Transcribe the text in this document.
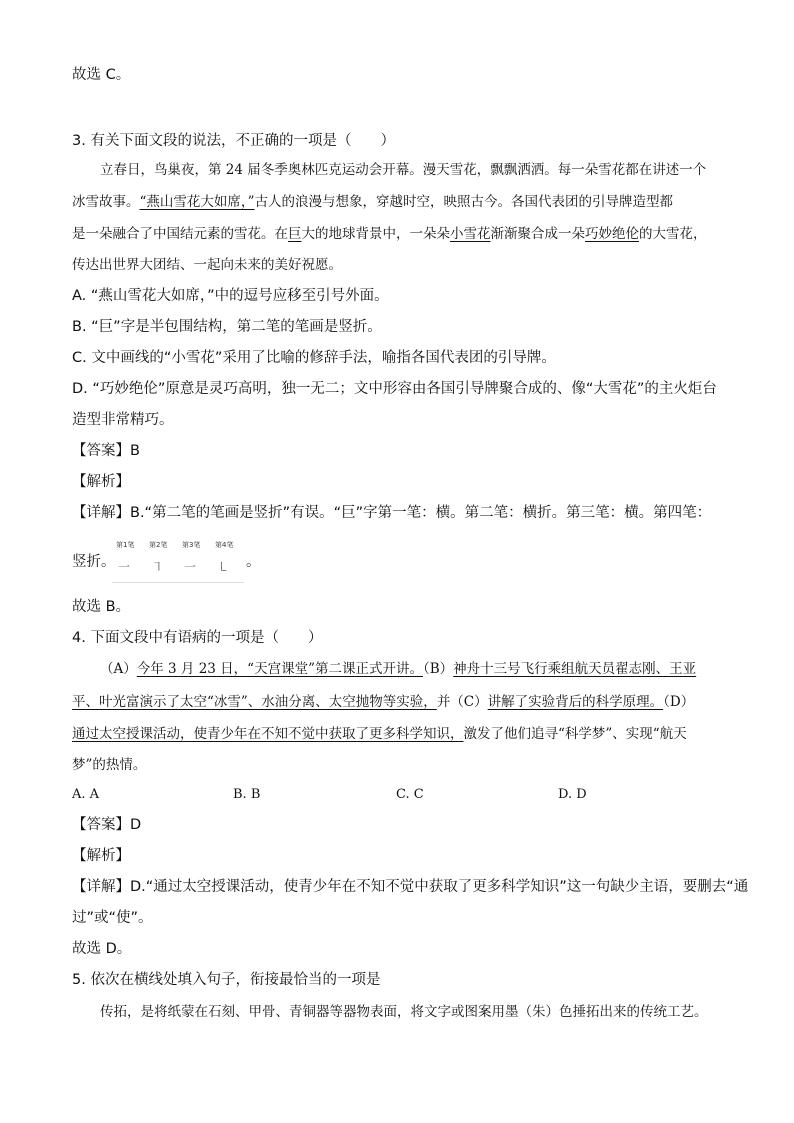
故选 C。
3. 有关下面文段的说法，不正确的一项是（　　）
立春日，鸟巢夜，第 24 届冬季奥林匹克运动会开幕。漫天雪花，飘飘洒洒。每一朵雪花都在讲述一个
冰雪故事。“燕山雪花大如席，”古人的浪漫与想象，穿越时空，映照古今。各国代表团的引导牌造型都
是一朵融合了中国结元素的雪花。在巨大的地球背景中，一朵朵小雪花渐渐聚合成一朵巧妙绝伦的大雪花，
传达出世界大团结、一起向未来的美好祝愿。
A. “燕山雪花大如席，”中的逗号应移至引号外面。
B. “巨”字是半包围结构，第二笔的笔画是竖折。
C. 文中画线的“小雪花”采用了比喻的修辞手法，喻指各国代表团的引导牌。
D. “巧妙绝伦”原意是灵巧高明，独一无二；文中形容由各国引导牌聚合成的、像“大雪花”的主火炬台
造型非常精巧。
【答案】B
【解析】
【详解】B.“第二笔的笔画是竖折”有误。“巨”字第一笔：横。第二笔：横折。第三笔：横。第四笔：
竖折。
第1笔
一
第2笔
㇕
第3笔
一
第4笔
㇄ 。
故选 B。
4. 下面文段中有语病的一项是（　　）
（A）今年 3 月 23 日，“天宫课堂”第二课正式开讲。（B）神舟十三号飞行乘组航天员翟志刚、王亚
平、叶光富演示了太空“冰雪”、水油分离、太空抛物等实验，并（C）讲解了实验背后的科学原理。（D）
通过太空授课活动，使青少年在不知不觉中获取了更多科学知识，激发了他们追寻“科学梦”、实现“航天
梦”的热情。
A. A	B. B	C. C	D. D
【答案】D
【解析】
【详解】D.“通过太空授课活动，使青少年在不知不觉中获取了更多科学知识”这一句缺少主语，要删去“通
过”或“使”。
故选 D。
5. 依次在横线处填入句子，衔接最恰当的一项是
传拓，是将纸蒙在石刻、甲骨、青铜器等器物表面，将文字或图案用墨（朱）色捶拓出来的传统工艺。
